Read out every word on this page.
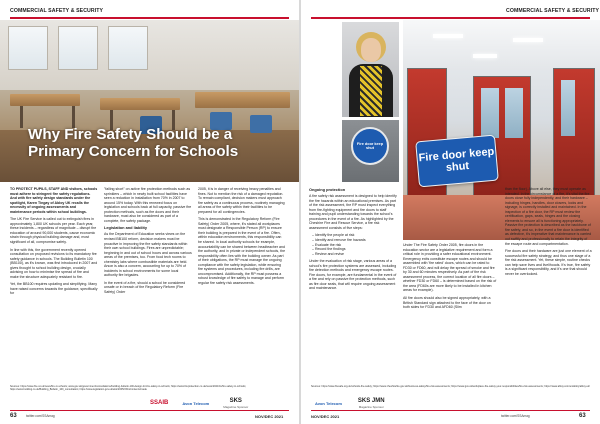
COMMERCIAL SAFETY & SECURITY
Why Fire Safety Should be a Primary Concern for Schools

TO PROTECT PUPILS, STAFF AND visitors, schools must adhere to stringent fire safety regulations. And with fire safety design standards under the spotlight, Karen Tingay of Abloy UK recalls the necessity of ongoing assessments and maintenance periods within school buildings.

The UK Fire Service is called out to extinguish fires in approximately 1,800 UK schools per year. Each year, these incidents – regardless of magnitude – disrupt the education of around 90,000 students, cause economic strain through physical building damage and, most significant of all, compromise safety.

In line with this, the government recently opened consultation on proposed revisions to its mandatory fire safety guidance in schools. The Building Bulletin 100 (BB100), as it's known, was first introduced in 2007 and gives thought to school building design, crucially advising on how to minimise the spread of fire and make the structure adequately resistant to fire.

Yet, the BB100 requires updating and simplifying. Many have raised concerns towards the guidance, specifically for

"falling short" on active fire protection methods such as sprinklers – which in newly built school facilities have seen a reduction in installation from 70% in 2007 to around 15% today. With this renewed focus on legislation and schools back at full capacity, passive fire protection methods, such as fire doors and their hardware, must also be considered as part of a complete, fire safety package.

Legislation and liability

As the Department of Education seeks views on the revised BB100 reform, decision makers must be proactive in improving the fire safety standards within their own school buildings. Fires are unpredictable; beginning in and out of school hours and across various areas of the premises, too. From food tech rooms to chemistry labs where combustible materials are held. Arson is also a concern, accounting for up to 70% of incidents in school environments for some local authority fire brigades.

In the event of a fire, should a school be considered unsafe or in breach of the Regulatory Reform (Fire Safety) Order

2005, it is in danger of receiving heavy penalties and fines. Not to mention the risk of a damaged reputation. To remain compliant, decision makers must approach fire safety as a continuous process, routinely managing all areas of fire safety within their facilities to be prepared for all contingencies.

This is demonstrated in the Regulatory Reform (Fire Safety) Order 2005, where, it's stated all workplaces must designate a Responsible Person (RP) to ensure their building is prepared in the event of a fire. Often, within education environments, this responsibility can be shared. In local authority schools for example, accountability can be shared between headteacher and the authority, and in private or independent schools, the responsibility often lies with the building owner. As part of their obligations, the RP must manage the ongoing compliance with fire safety legislation, while ensuring fire systems and procedures, including fire drills, are uncompromised. Additionally, the RP must possess a robust knowledge of fire safety to manage and perform regular fire safety risk assessments.

Sources: https://www.fire.co.uk/news/fire-in-schools; www.gov.uk/government/consultations/building-bulletin-100-design-for-fire-safety-in-schools; https://www.fireprotection.co.uk/news/2021/11/fire-safety-in-schools; https://www.building.co.uk/Building_Bulletin_100_consultation; https://www.legislation.gov.uk/uksi/2005/1541/contents/made
SSAIB	Avon Telecom	SKS
Magazine Sponsor
63	twitter.com/SSAmag	NOV/DEC 2021
COMMERCIAL SAFETY & SECURITY
Fire door keep shut	Fire door keep shut
Ongoing protection

A fire safety risk assessment is designed to help identify the fire hazards within an educational premises. As part of the risk assessment, the RP must inspect everything from fire-fighting equipment and fire doors to staff training and pupil understanding towards the school's procedures in the event of a fire. As highlighted by the Cheshire Fire and Rescue Service, a fire risk assessment consists of five steps:

– Identify the people at risk
– Identify and remove fire hazards
– Evaluate the risk
– Record the findings
– Review and revise

Under the evaluation of risk stage, various areas of a school's fire protection systems are assessed, including fire detection methods and emergency escape routes. Fire doors, for example, are fundamental in the event of a fire and rely on passive fire protection methods, such as fire door seals, that will require ongoing assessment and maintenance.

Under The Fire Safety Order 2005, fire doors in the education sector are a legislative requirement and form a critical role in providing a safer educational environment. Emergency exits constitute escape routes and should be assembled with 'fire rated' doors, which can be rated to FD30 or FD60, and will delay the spread of smoke and fire by 30 and 60 minutes respectively. As part of the risk assessment process, the correct location of all fire doors – whether FD30 or FD60 – is determined based on the risk of the area (FD60s are more likely to be installed in kitchen areas for example).

All fire doors should also be signed appropriately, with a British Standard sign attached to the face of the door on both sides for FD30 and AFD60 (Slim

than the floor). Above all else, they must operate as intended. In the circumstance of a fire, it's vital the fire doors close fully independently, and their hardware – including hinges, handles, door closers, locks and signage, is correctly installed and maintained. In the inspection of a fire door, the RP must review the certification, gaps, seals, hinges and the closing elements to ensure all is functioning appropriately. Passive fire protection is described as the backbone of fire safety, and so, in the event a fire door is identified as defective, it's imperative that maintenance is carried out swiftly and professionally to retain the integrity of the escape route and compartmentation.

Fire doors and their hardware are just one element of a successful fire safety strategy, and thus one stage of a fire risk assessment. Yet, these simple, routine checks can help save lives and livelihoods. It's true, fire safety is a significant responsibility, and it's one that should never be overlooked.

Sources: https://www.firesafe.org.uk/schools-fire-safety; https://www.cheshirefire.gov.uk/business-safety/fire-risk-assessments; https://www.gov.uk/workplace-fire-safety-your-responsibilities/fire-risk-assessments; https://www.abloy.com/en/abloy/abloy-uk/
Avon Telecom	SKS JMN
Magazine Sponsor
NOV/DEC 2021	twitter.com/SSAmag	63
